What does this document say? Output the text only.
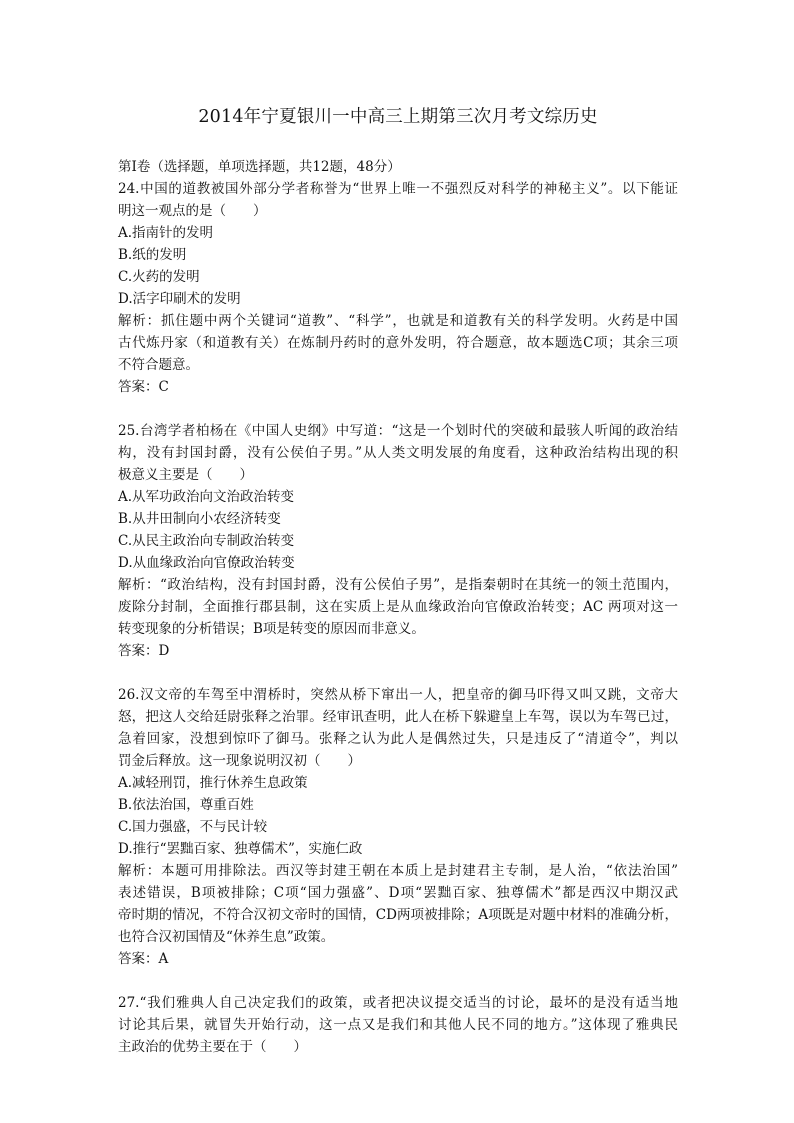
2014年宁夏银川一中高三上期第三次月考文综历史
第Ⅰ卷（选择题，单项选择题，共12题，48分）
24.中国的道教被国外部分学者称誉为“世界上唯一不强烈反对科学的神秘主义”。以下能证
明这一观点的是（　　）
A.指南针的发明
B.纸的发明
C.火药的发明
D.活字印刷术的发明
解析：抓住题中两个关键词“道教”、“科学”，也就是和道教有关的科学发明。火药是中国
古代炼丹家（和道教有关）在炼制丹药时的意外发明，符合题意，故本题选C项；其余三项
不符合题意。
答案：C
25.台湾学者柏杨在《中国人史纲》中写道：“这是一个划时代的突破和最骇人听闻的政治结
构，没有封国封爵，没有公侯伯子男。”从人类文明发展的角度看，这种政治结构出现的积
极意义主要是（　　）
A.从军功政治向文治政治转变
B.从井田制向小农经济转变
C.从民主政治向专制政治转变
D.从血缘政治向官僚政治转变
解析：“政治结构，没有封国封爵，没有公侯伯子男”，是指秦朝时在其统一的领土范围内，
废除分封制，全面推行郡县制，这在实质上是从血缘政治向官僚政治转变；AC 两项对这一
转变现象的分析错误；B项是转变的原因而非意义。
答案：D
26.汉文帝的车驾至中渭桥时，突然从桥下窜出一人，把皇帝的御马吓得又叫又跳，文帝大
怒，把这人交给廷尉张释之治罪。经审讯查明，此人在桥下躲避皇上车驾，误以为车驾已过，
急着回家，没想到惊吓了御马。张释之认为此人是偶然过失，只是违反了“清道令”，判以
罚金后释放。这一现象说明汉初（　　）
A.减轻刑罚，推行休养生息政策
B.依法治国，尊重百姓
C.国力强盛，不与民计较
D.推行“罢黜百家、独尊儒术”，实施仁政
解析：本题可用排除法。西汉等封建王朝在本质上是封建君主专制，是人治，“依法治国”
表述错误，B项被排除；C项“国力强盛”、D项“罢黜百家、独尊儒术”都是西汉中期汉武
帝时期的情况，不符合汉初文帝时的国情，CD两项被排除；A项既是对题中材料的准确分析，
也符合汉初国情及“休养生息”政策。
答案：A
27.“我们雅典人自己决定我们的政策，或者把决议提交适当的讨论，最坏的是没有适当地
讨论其后果，就冒失开始行动，这一点又是我们和其他人民不同的地方。”这体现了雅典民
主政治的优势主要在于（　　）
